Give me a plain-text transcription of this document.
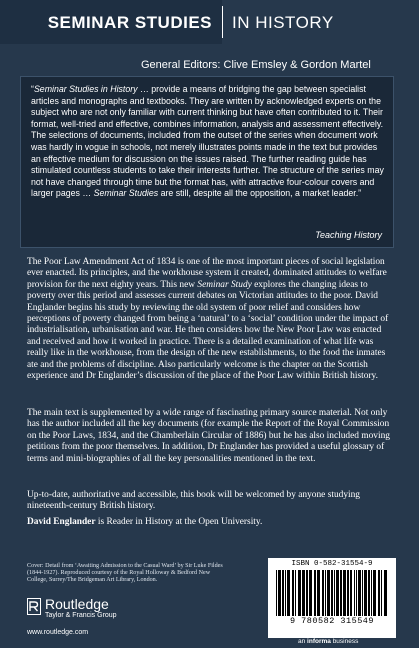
SEMINAR STUDIES IN HISTORY
General Editors: Clive Emsley & Gordon Martel

“Seminar Studies in History … provide a means of bridging the gap between specialist articles and monographs and textbooks. They are written by acknowledged experts on the subject who are not only familiar with current thinking but have often contributed to it. Their format, well-tried and effective, combines information, analysis and assessment effectively. The selections of documents, included from the outset of the series when document work was hardly in vogue in schools, not merely illustrates points made in the text but provides an effective medium for discussion on the issues raised. The further reading guide has stimulated countless students to take their interests further. The structure of the series may not have changed through time but the format has, with attractive four-colour covers and larger pages … Seminar Studies are still, despite all the opposition, a market leader.”

Teaching History

The Poor Law Amendment Act of 1834 is one of the most important pieces of social legislation ever enacted. Its principles, and the workhouse system it created, dominated attitudes to welfare provision for the next eighty years. This new Seminar Study explores the changing ideas to poverty over this period and assesses current debates on Victorian attitudes to the poor. David Englander begins his study by reviewing the old system of poor relief and considers how perceptions of poverty changed from being a ‘natural’ to a ‘social’ condition under the impact of industrialisation, urbanisation and war. He then considers how the New Poor Law was enacted and received and how it worked in practice. There is a detailed examination of what life was really like in the workhouse, from the design of the new establishments, to the food the inmates ate and the problems of discipline. Also particularly welcome is the chapter on the Scottish experience and Dr Englander’s discussion of the place of the Poor Law within British history.

The main text is supplemented by a wide range of fascinating primary source material. Not only has the author included all the key documents (for example the Report of the Royal Commission on the Poor Laws, 1834, and the Chamberlain Circular of 1886) but he has also included moving petitions from the poor themselves. In addition, Dr Englander has provided a useful glossary of terms and mini-biographies of all the key personalities mentioned in the text.

Up-to-date, authoritative and accessible, this book will be welcomed by anyone studying nineteenth-century British history.

David Englander is Reader in History at the Open University.

Cover: Detail from ‘Awaiting Admission to the Casual Ward’ by Sir Luke Fildes (1844-1927). Reproduced courtesy of the Royal Holloway & Bedford New College, Surrey/The Bridgeman Art Library, London.

Routledge
Taylor & Francis Group
www.routledge.com
ISBN 0-582-31554-9
9 780582 315549
an informa business
